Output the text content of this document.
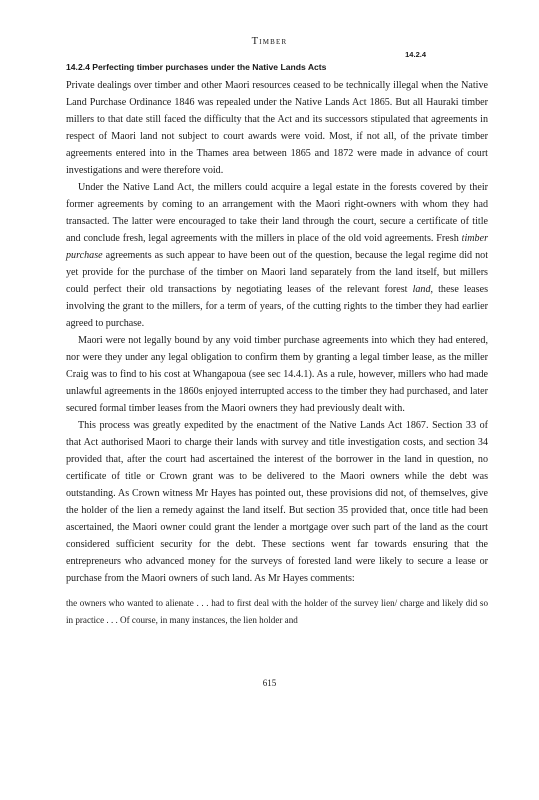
Timber
14.2.4
14.2.4 Perfecting timber purchases under the Native Lands Acts

Private dealings over timber and other Maori resources ceased to be technically illegal when the Native Land Purchase Ordinance 1846 was repealed under the Native Lands Act 1865. But all Hauraki timber millers to that date still faced the difficulty that the Act and its successors stipulated that agreements in respect of Maori land not subject to court awards were void. Most, if not all, of the private timber agreements entered into in the Thames area between 1865 and 1872 were made in advance of court investigations and were therefore void.

Under the Native Land Act, the millers could acquire a legal estate in the forests covered by their former agreements by coming to an arrangement with the Maori right-owners with whom they had transacted. The latter were encouraged to take their land through the court, secure a certificate of title and conclude fresh, legal agreements with the millers in place of the old void agreements. Fresh timber purchase agreements as such appear to have been out of the question, because the legal regime did not yet provide for the purchase of the timber on Maori land separately from the land itself, but millers could perfect their old transactions by negotiating leases of the relevant forest land, these leases involving the grant to the millers, for a term of years, of the cutting rights to the timber they had earlier agreed to purchase.

Maori were not legally bound by any void timber purchase agreements into which they had entered, nor were they under any legal obligation to confirm them by granting a legal timber lease, as the miller Craig was to find to his cost at Whangapoua (see sec 14.4.1). As a rule, however, millers who had made unlawful agreements in the 1860s enjoyed interrupted access to the timber they had purchased, and later secured formal timber leases from the Maori owners they had previously dealt with.

This process was greatly expedited by the enactment of the Native Lands Act 1867. Section 33 of that Act authorised Maori to charge their lands with survey and title investigation costs, and section 34 provided that, after the court had ascertained the interest of the borrower in the land in question, no certificate of title or Crown grant was to be delivered to the Maori owners while the debt was outstanding. As Crown witness Mr Hayes has pointed out, these provisions did not, of themselves, give the holder of the lien a remedy against the land itself. But section 35 provided that, once title had been ascertained, the Maori owner could grant the lender a mortgage over such part of the land as the court considered sufficient security for the debt. These sections went far towards ensuring that the entrepreneurs who advanced money for the surveys of forested land were likely to secure a lease or purchase from the Maori owners of such land. As Mr Hayes comments:

the owners who wanted to alienate . . . had to first deal with the holder of the survey lien/ charge and likely did so in practice . . . Of course, in many instances, the lien holder and

615
